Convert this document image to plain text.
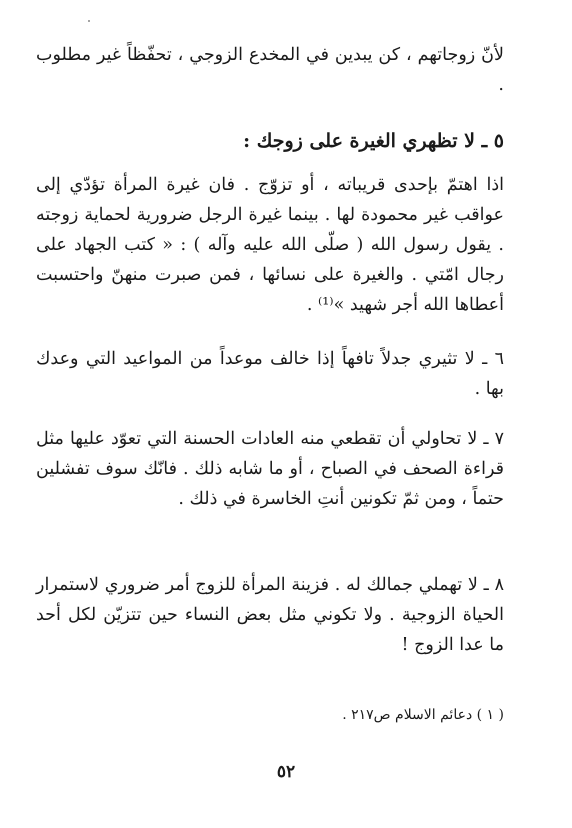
لأنّ زوجاتهم ، كن يبدين في المخدع الزوجي ، تحفّظاً غير مطلوب .
٥ ـ لا تظهري الغيرة على زوجك :
اذا اهتمّ بإحدى قريباته ، أو تزوّج . فان غيرة المرأة تؤدّي إلى عواقب غير محمودة لها . بينما غيرة الرجل ضرورية لحماية زوجته . يقول رسول الله ( صلّى الله عليه وآله ) : « كتب الجهاد على رجال امّتي . والغيرة على نسائها ، فمن صبرت منهنّ واحتسبت أعطاها الله أجر شهيد »⁽¹⁾ .
٦ ـ لا تثيري جدلاً تافهاً إذا خالف موعداً من المواعيد التي وعدك بها .
٧ ـ لا تحاولي أن تقطعي منه العادات الحسنة التي تعوّد عليها مثل قراءة الصحف في الصباح ، أو ما شابه ذلك . فانّك سوف تفشلين حتماً ، ومن ثمّ تكونين أنتِ الخاسرة في ذلك .
٨ ـ لا تهملي جمالك له . فزينة المرأة للزوج أمر ضروري لاستمرار الحياة الزوجية . ولا تكوني مثل بعض النساء حين تتزيّن لكل أحد ما عدا الزوج !
( ١ ) دعائم الاسلام ص٢١٧ .
٥٢
